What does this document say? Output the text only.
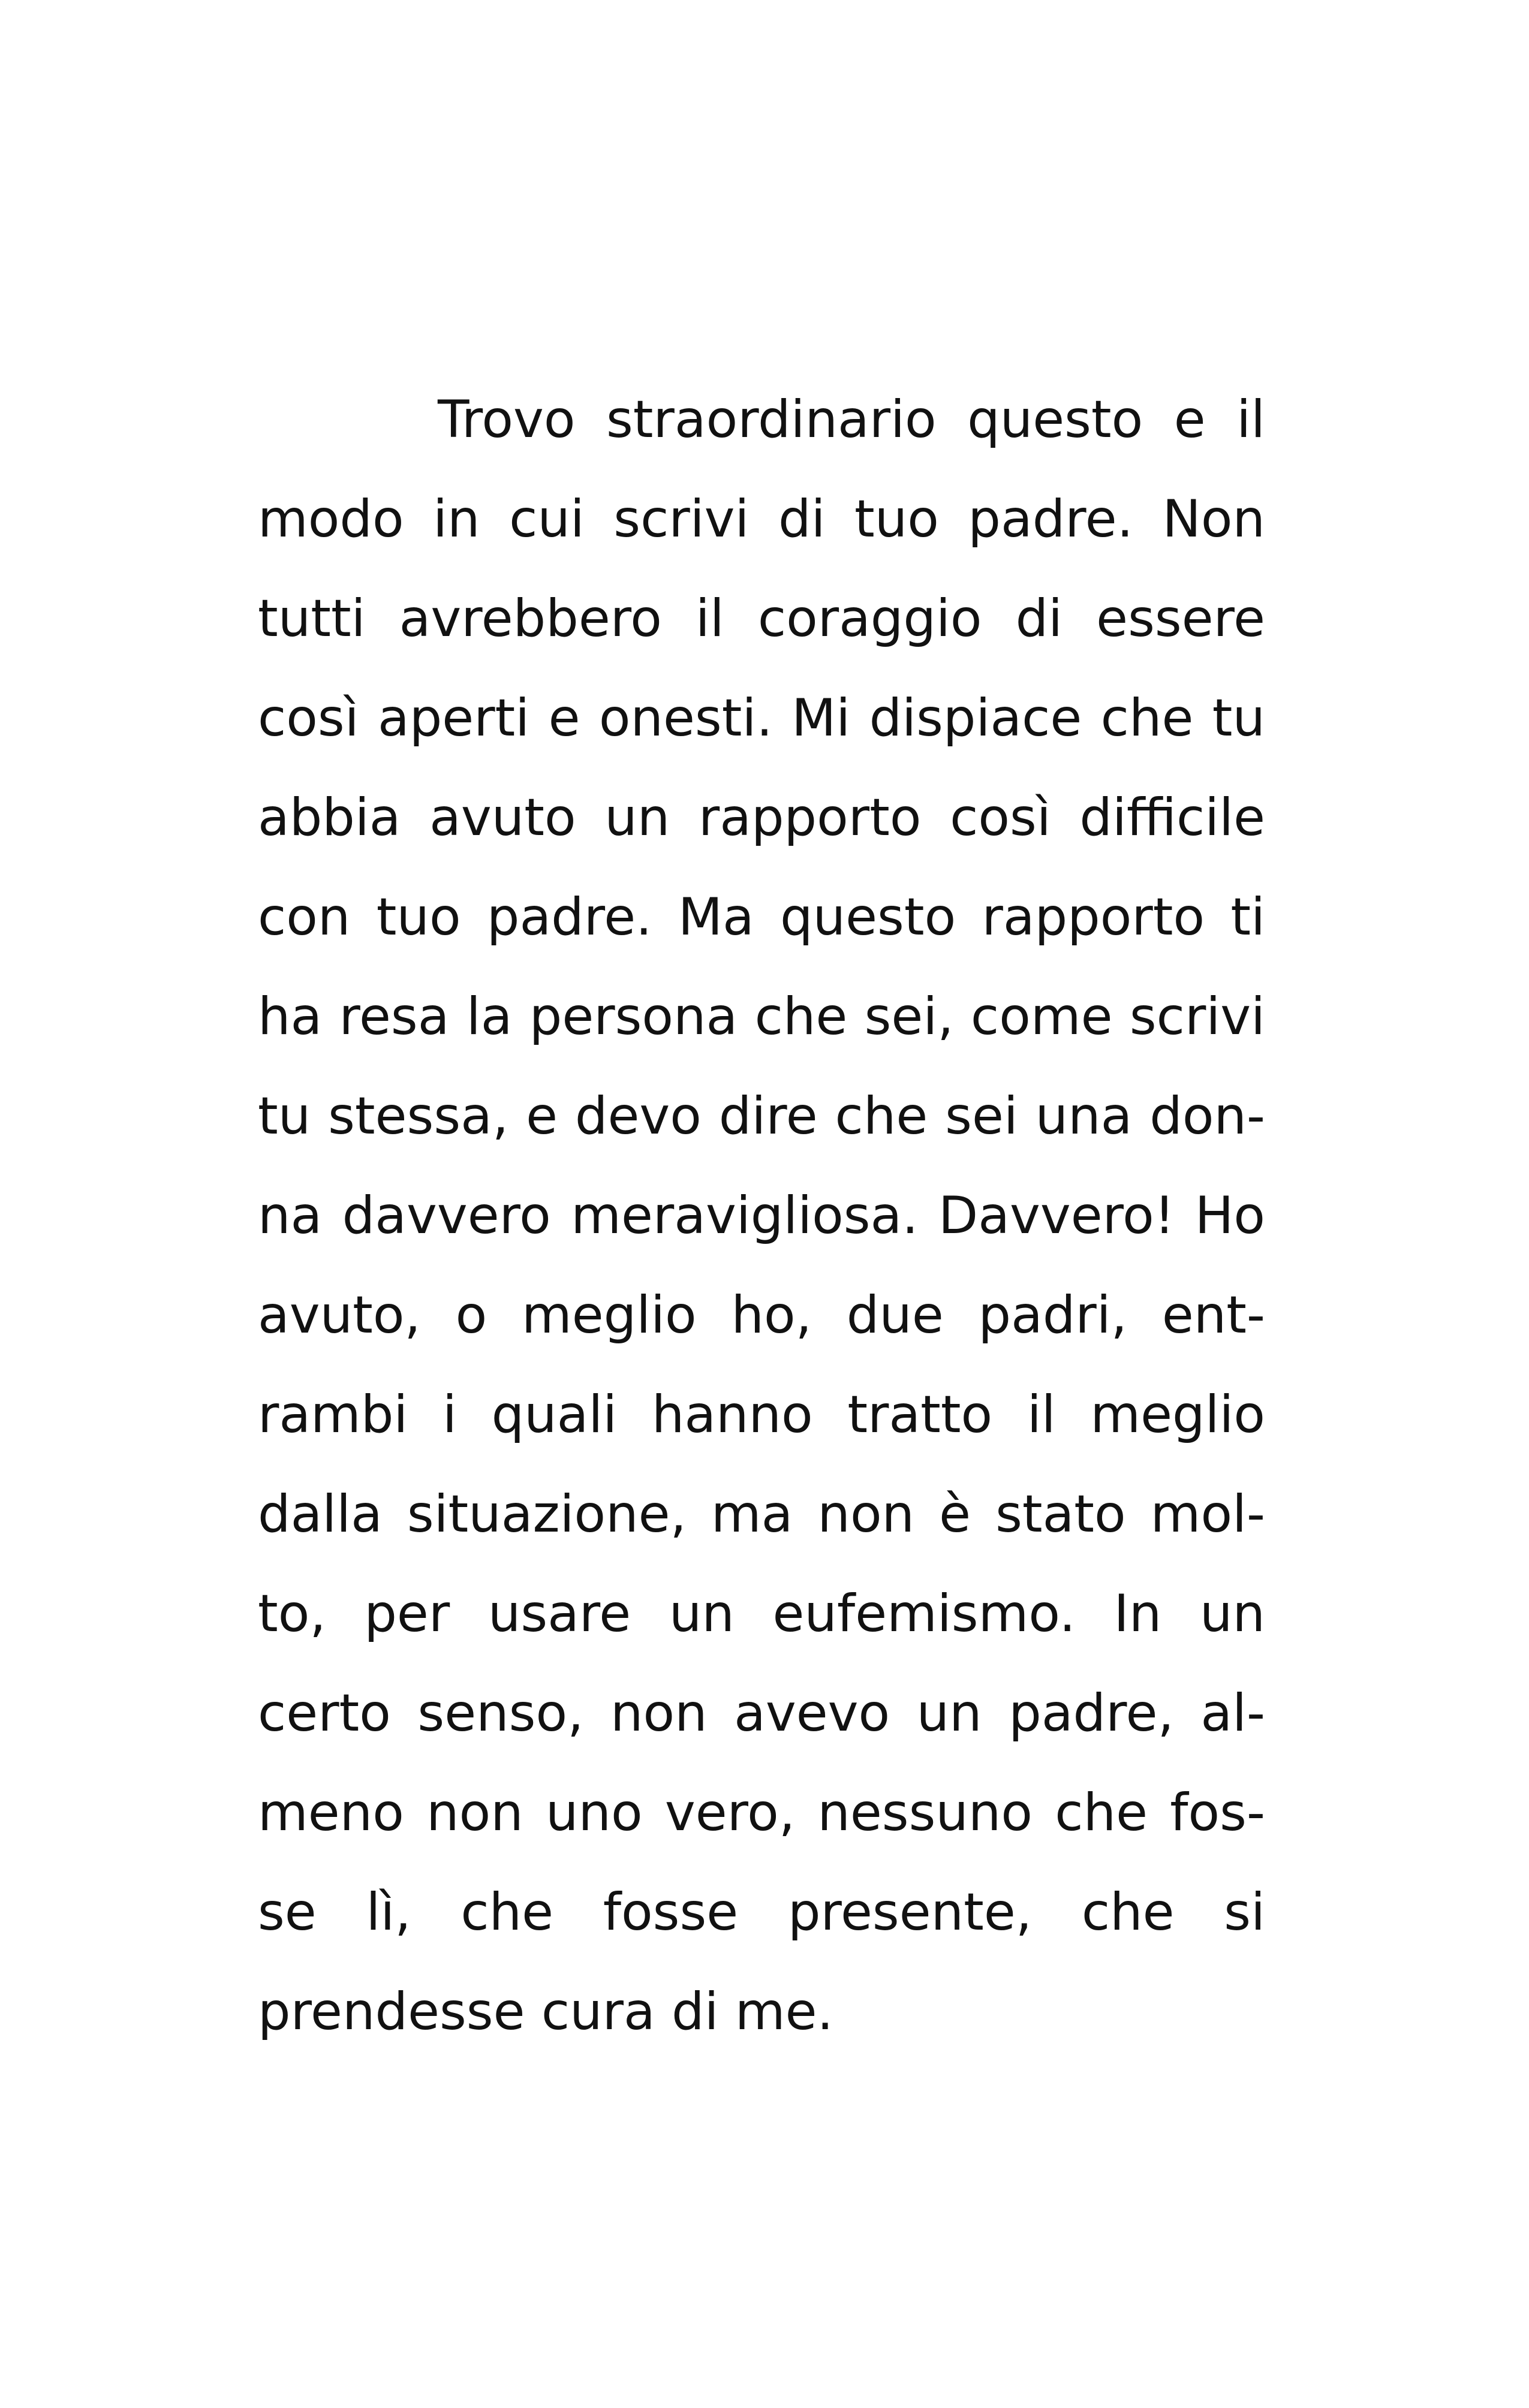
Trovo straordinario questo e il
modo in cui scrivi di tuo padre. Non
tutti avrebbero il coraggio di essere
così aperti e onesti. Mi dispiace che tu
abbia avuto un rapporto così difficile
con tuo padre. Ma questo rapporto ti
ha resa la persona che sei, come scrivi
tu stessa, e devo dire che sei una don-
na davvero meravigliosa. Davvero! Ho
avuto, o meglio ho, due padri, ent-
rambi i quali hanno tratto il meglio
dalla situazione, ma non è stato mol-
to, per usare un eufemismo. In un
certo senso, non avevo un padre, al-
meno non uno vero, nessuno che fos-
se lì, che fosse presente, che si
prendesse cura di me.
